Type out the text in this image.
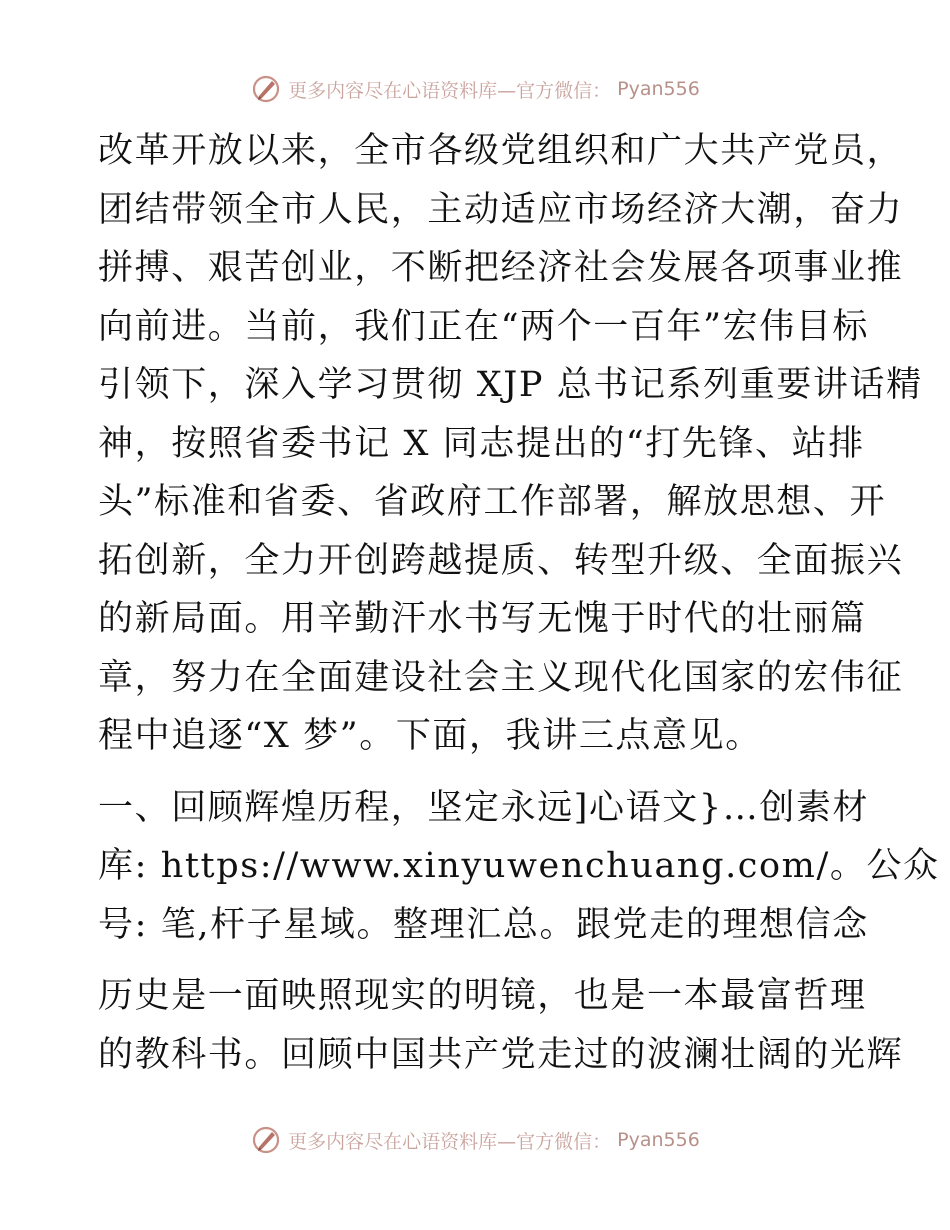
更多内容尽在心语资料库—官方微信： Pyan556

改革开放以来，全市各级党组织和广大共产党员，
团结带领全市人民，主动适应市场经济大潮，奋力
拼搏、艰苦创业，不断把经济社会发展各项事业推
向前进。当前，我们正在“两个一百年”宏伟目标
引领下，深入学习贯彻 XJP 总书记系列重要讲话精
神，按照省委书记 X 同志提出的“打先锋、站排
头”标准和省委、省政府工作部署，解放思想、开
拓创新，全力开创跨越提质、转型升级、全面振兴
的新局面。用辛勤汗水书写无愧于时代的壮丽篇
章，努力在全面建设社会主义现代化国家的宏伟征
程中追逐“X 梦”。下面，我讲三点意见。

一、回顾辉煌历程，坚定永远]心语文}…创素材
库: https://www.xinyuwenchuang.com/。公众
号: 笔,杆子星域。整理汇总。跟党走的理想信念

历史是一面映照现实的明镜，也是一本最富哲理
的教科书。回顾中国共产党走过的波澜壮阔的光辉

更多内容尽在心语资料库—官方微信： Pyan556
